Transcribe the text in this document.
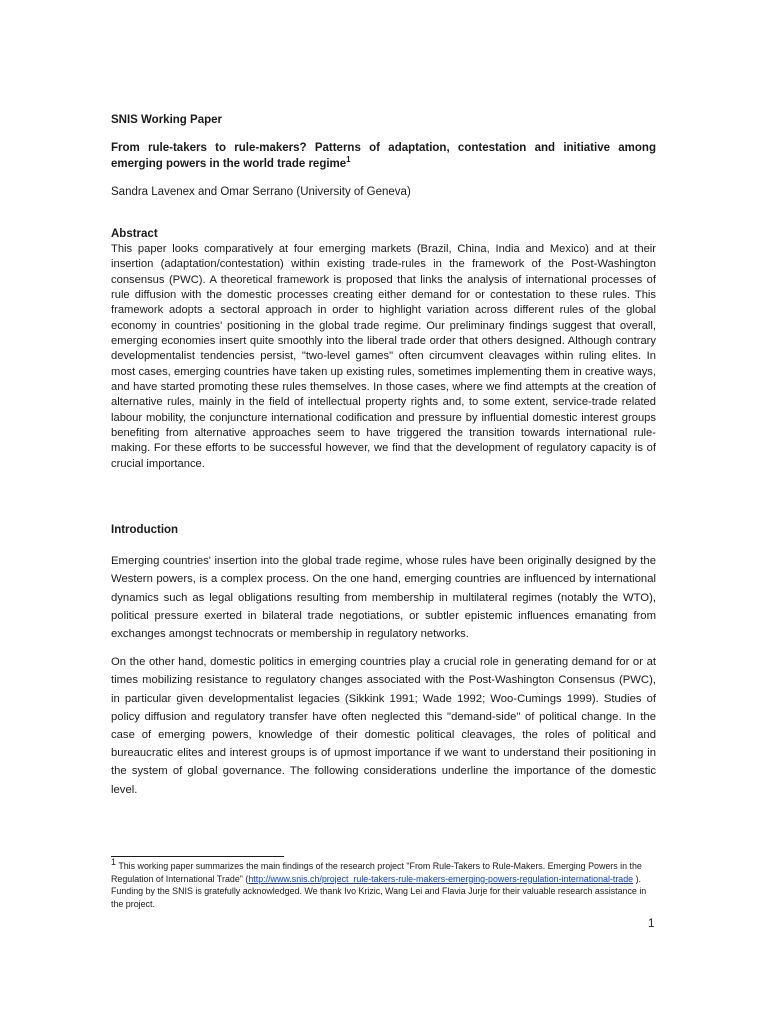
SNIS Working Paper

From rule-takers to rule-makers? Patterns of adaptation, contestation and initiative among emerging powers in the world trade regime$^1$

Sandra Lavenex and Omar Serrano (University of Geneva)

Abstract

This paper looks comparatively at four emerging markets (Brazil, China, India and Mexico) and at their insertion (adaptation/contestation) within existing trade-rules in the framework of the Post-Washington consensus (PWC). A theoretical framework is proposed that links the analysis of international processes of rule diffusion with the domestic processes creating either demand for or contestation to these rules. This framework adopts a sectoral approach in order to highlight variation across different rules of the global economy in countries' positioning in the global trade regime. Our preliminary findings suggest that overall, emerging economies insert quite smoothly into the liberal trade order that others designed. Although contrary developmentalist tendencies persist, "two-level games" often circumvent cleavages within ruling elites. In most cases, emerging countries have taken up existing rules, sometimes implementing them in creative ways, and have started promoting these rules themselves. In those cases, where we find attempts at the creation of alternative rules, mainly in the field of intellectual property rights and, to some extent, service-trade related labour mobility, the conjuncture international codification and pressure by influential domestic interest groups benefiting from alternative approaches seem to have triggered the transition towards international rule-making. For these efforts to be successful however, we find that the development of regulatory capacity is of crucial importance.

Introduction

Emerging countries' insertion into the global trade regime, whose rules have been originally designed by the Western powers, is a complex process. On the one hand, emerging countries are influenced by international dynamics such as legal obligations resulting from membership in multilateral regimes (notably the WTO), political pressure exerted in bilateral trade negotiations, or subtler epistemic influences emanating from exchanges amongst technocrats or membership in regulatory networks.

On the other hand, domestic politics in emerging countries play a crucial role in generating demand for or at times mobilizing resistance to regulatory changes associated with the Post-Washington Consensus (PWC), in particular given developmentalist legacies (Sikkink 1991; Wade 1992; Woo-Cumings 1999). Studies of policy diffusion and regulatory transfer have often neglected this "demand-side" of political change. In the case of emerging powers, knowledge of their domestic political cleavages, the roles of political and bureaucratic elites and interest groups is of upmost importance if we want to understand their positioning in the system of global governance. The following considerations underline the importance of the domestic level.

1 This working paper summarizes the main findings of the research project "From Rule-Takers to Rule-Makers. Emerging Powers in the Regulation of International Trade" (http://www.snis.ch/project_rule-takers-rule-makers-emerging-powers-regulation-international-trade ). Funding by the SNIS is gratefully acknowledged. We thank Ivo Krizic, Wang Lei and Flavia Jurje for their valuable research assistance in the project.
1
